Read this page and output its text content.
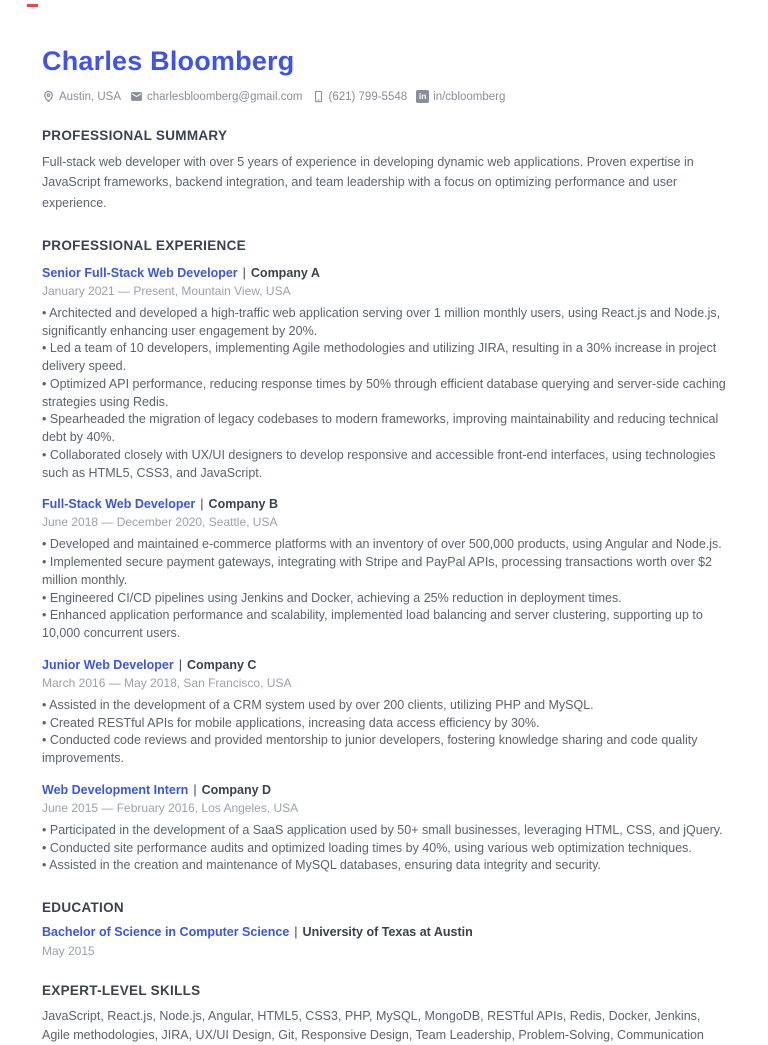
Charles Bloomberg
Austin, USA charlesbloomberg@gmail.com (621) 799-5548	in in/cbloomberg
PROFESSIONAL SUMMARY

Full-stack web developer with over 5 years of experience in developing dynamic web applications. Proven expertise in JavaScript frameworks, backend integration, and team leadership with a focus on optimizing performance and user experience.

PROFESSIONAL EXPERIENCE
Senior Full-Stack Web Developer | Company A
January 2021 — Present, Mountain View, USA
• Architected and developed a high-traffic web application serving over 1 million monthly users, using React.js and Node.js, significantly enhancing user engagement by 20%.
• Led a team of 10 developers, implementing Agile methodologies and utilizing JIRA, resulting in a 30% increase in project delivery speed.
• Optimized API performance, reducing response times by 50% through efficient database querying and server-side caching strategies using Redis.
• Spearheaded the migration of legacy codebases to modern frameworks, improving maintainability and reducing technical debt by 40%.
• Collaborated closely with UX/UI designers to develop responsive and accessible front-end interfaces, using technologies such as HTML5, CSS3, and JavaScript.
Full-Stack Web Developer | Company B
June 2018 — December 2020, Seattle, USA
• Developed and maintained e-commerce platforms with an inventory of over 500,000 products, using Angular and Node.js.
• Implemented secure payment gateways, integrating with Stripe and PayPal APIs, processing transactions worth over $2 million monthly.
• Engineered CI/CD pipelines using Jenkins and Docker, achieving a 25% reduction in deployment times.
• Enhanced application performance and scalability, implemented load balancing and server clustering, supporting up to 10,000 concurrent users.
Junior Web Developer | Company C
March 2016 — May 2018, San Francisco, USA
• Assisted in the development of a CRM system used by over 200 clients, utilizing PHP and MySQL.
• Created RESTful APIs for mobile applications, increasing data access efficiency by 30%.
• Conducted code reviews and provided mentorship to junior developers, fostering knowledge sharing and code quality improvements.
Web Development Intern | Company D
June 2015 — February 2016, Los Angeles, USA
• Participated in the development of a SaaS application used by 50+ small businesses, leveraging HTML, CSS, and jQuery.
• Conducted site performance audits and optimized loading times by 40%, using various web optimization techniques.
• Assisted in the creation and maintenance of MySQL databases, ensuring data integrity and security.
EDUCATION
Bachelor of Science in Computer Science | University of Texas at Austin
May 2015
EXPERT-LEVEL SKILLS

JavaScript, React.js, Node.js, Angular, HTML5, CSS3, PHP, MySQL, MongoDB, RESTful APIs, Redis, Docker, Jenkins, Agile methodologies, JIRA, UX/UI Design, Git, Responsive Design, Team Leadership, Problem-Solving, Communication
